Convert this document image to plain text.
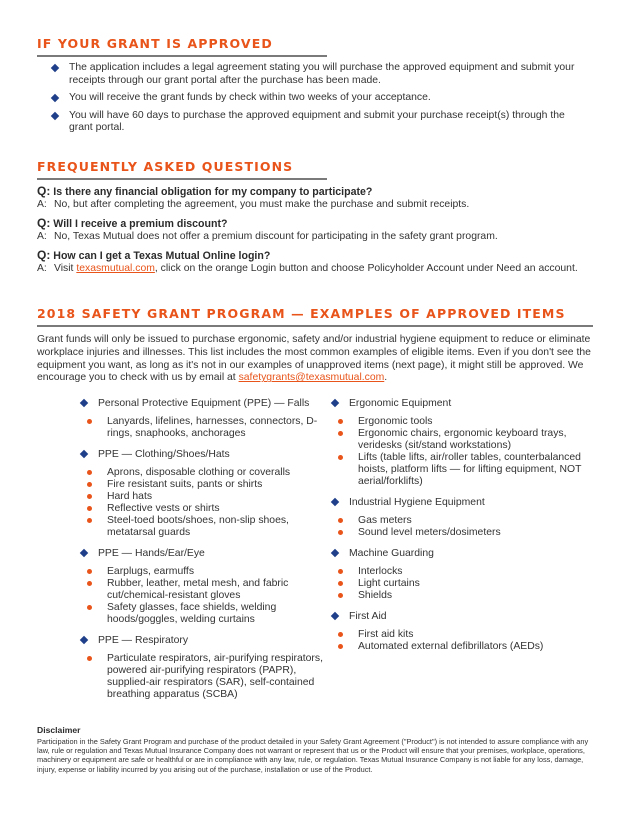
IF YOUR GRANT IS APPROVED
The application includes a legal agreement stating you will purchase the approved equipment and submit your receipts through our grant portal after the purchase has been made.
You will receive the grant funds by check within two weeks of your acceptance.
You will have 60 days to purchase the approved equipment and submit your purchase receipt(s) through the grant portal.
FREQUENTLY ASKED QUESTIONS
Q: Is there any financial obligation for my company to participate?
A: No, but after completing the agreement, you must make the purchase and submit receipts.
Q: Will I receive a premium discount?
A: No, Texas Mutual does not offer a premium discount for participating in the safety grant program.
Q: How can I get a Texas Mutual Online login?
A: Visit texasmutual.com, click on the orange Login button and choose Policyholder Account under Need an account.
2018 SAFETY GRANT PROGRAM — EXAMPLES OF APPROVED ITEMS
Grant funds will only be issued to purchase ergonomic, safety and/or industrial hygiene equipment to reduce or eliminate workplace injuries and illnesses. This list includes the most common examples of eligible items. Even if you don't see the equipment you want, as long as it's not in our examples of unapproved items (next page), it might still be approved. We encourage you to check with us by email at safetygrants@texasmutual.com.
Personal Protective Equipment (PPE) — Falls
Lanyards, lifelines, harnesses, connectors, D-rings, snaphooks, anchorages
PPE — Clothing/Shoes/Hats
Aprons, disposable clothing or coveralls
Fire resistant suits, pants or shirts
Hard hats
Reflective vests or shirts
Steel-toed boots/shoes, non-slip shoes, metatarsal guards
PPE — Hands/Ear/Eye
Earplugs, earmuffs
Rubber, leather, metal mesh, and fabric cut/chemical-resistant gloves
Safety glasses, face shields, welding hoods/goggles, welding curtains
PPE — Respiratory
Particulate respirators, air-purifying respirators, powered air-purifying respirators (PAPR), supplied-air respirators (SAR), self-contained breathing apparatus (SCBA)
Ergonomic Equipment
Ergonomic tools
Ergonomic chairs, ergonomic keyboard trays, veridesks (sit/stand workstations)
Lifts (table lifts, air/roller tables, counterbalanced hoists, platform lifts — for lifting equipment, NOT aerial/forklifts)
Industrial Hygiene Equipment
Gas meters
Sound level meters/dosimeters
Machine Guarding
Interlocks
Light curtains
Shields
First Aid
First aid kits
Automated external defibrillators (AEDs)
Disclaimer
Participation in the Safety Grant Program and purchase of the product detailed in your Safety Grant Agreement ("Product") is not intended to assure compliance with any law, rule or regulation and Texas Mutual Insurance Company does not warrant or represent that us or the Product will ensure that your premises, workplace, operations, machinery or equipment are safe or healthful or are in compliance with any law, rule, or regulation. Texas Mutual Insurance Company is not liable for any loss, damage, injury, expense or liability incurred by you arising out of the purchase, installation or use of the Product.
